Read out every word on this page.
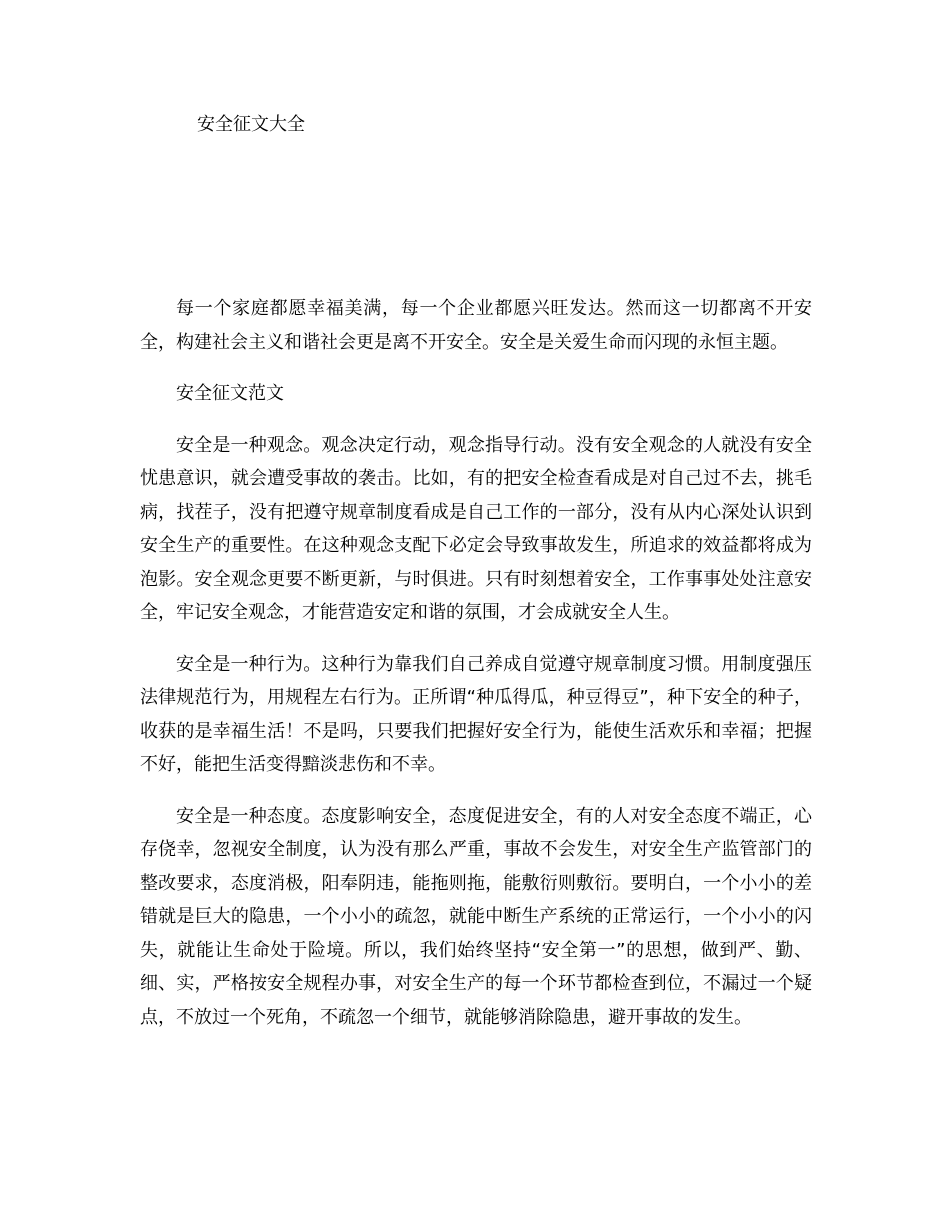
安全征文大全

每一个家庭都愿幸福美满，每一个企业都愿兴旺发达。然而这一切都离不开安全，构建社会主义和谐社会更是离不开安全。安全是关爱生命而闪现的永恒主题。

安全征文范文

安全是一种观念。观念决定行动，观念指导行动。没有安全观念的人就没有安全忧患意识，就会遭受事故的袭击。比如，有的把安全检查看成是对自己过不去，挑毛病，找茬子，没有把遵守规章制度看成是自己工作的一部分，没有从内心深处认识到安全生产的重要性。在这种观念支配下必定会导致事故发生，所追求的效益都将成为泡影。安全观念更要不断更新，与时俱进。只有时刻想着安全，工作事事处处注意安全，牢记安全观念，才能营造安定和谐的氛围，才会成就安全人生。

安全是一种行为。这种行为靠我们自己养成自觉遵守规章制度习惯。用制度强压法律规范行为，用规程左右行为。正所谓“种瓜得瓜，种豆得豆”，种下安全的种子，收获的是幸福生活！不是吗，只要我们把握好安全行为，能使生活欢乐和幸福；把握不好，能把生活变得黯淡悲伤和不幸。

安全是一种态度。态度影响安全，态度促进安全，有的人对安全态度不端正，心存侥幸，忽视安全制度，认为没有那么严重，事故不会发生，对安全生产监管部门的整改要求，态度消极，阳奉阴违，能拖则拖，能敷衍则敷衍。要明白，一个小小的差错就是巨大的隐患，一个小小的疏忽，就能中断生产系统的正常运行，一个小小的闪失，就能让生命处于险境。所以，我们始终坚持“安全第一”的思想，做到严、勤、细、实，严格按安全规程办事，对安全生产的每一个环节都检查到位，不漏过一个疑点，不放过一个死角，不疏忽一个细节，就能够消除隐患，避开事故的发生。
